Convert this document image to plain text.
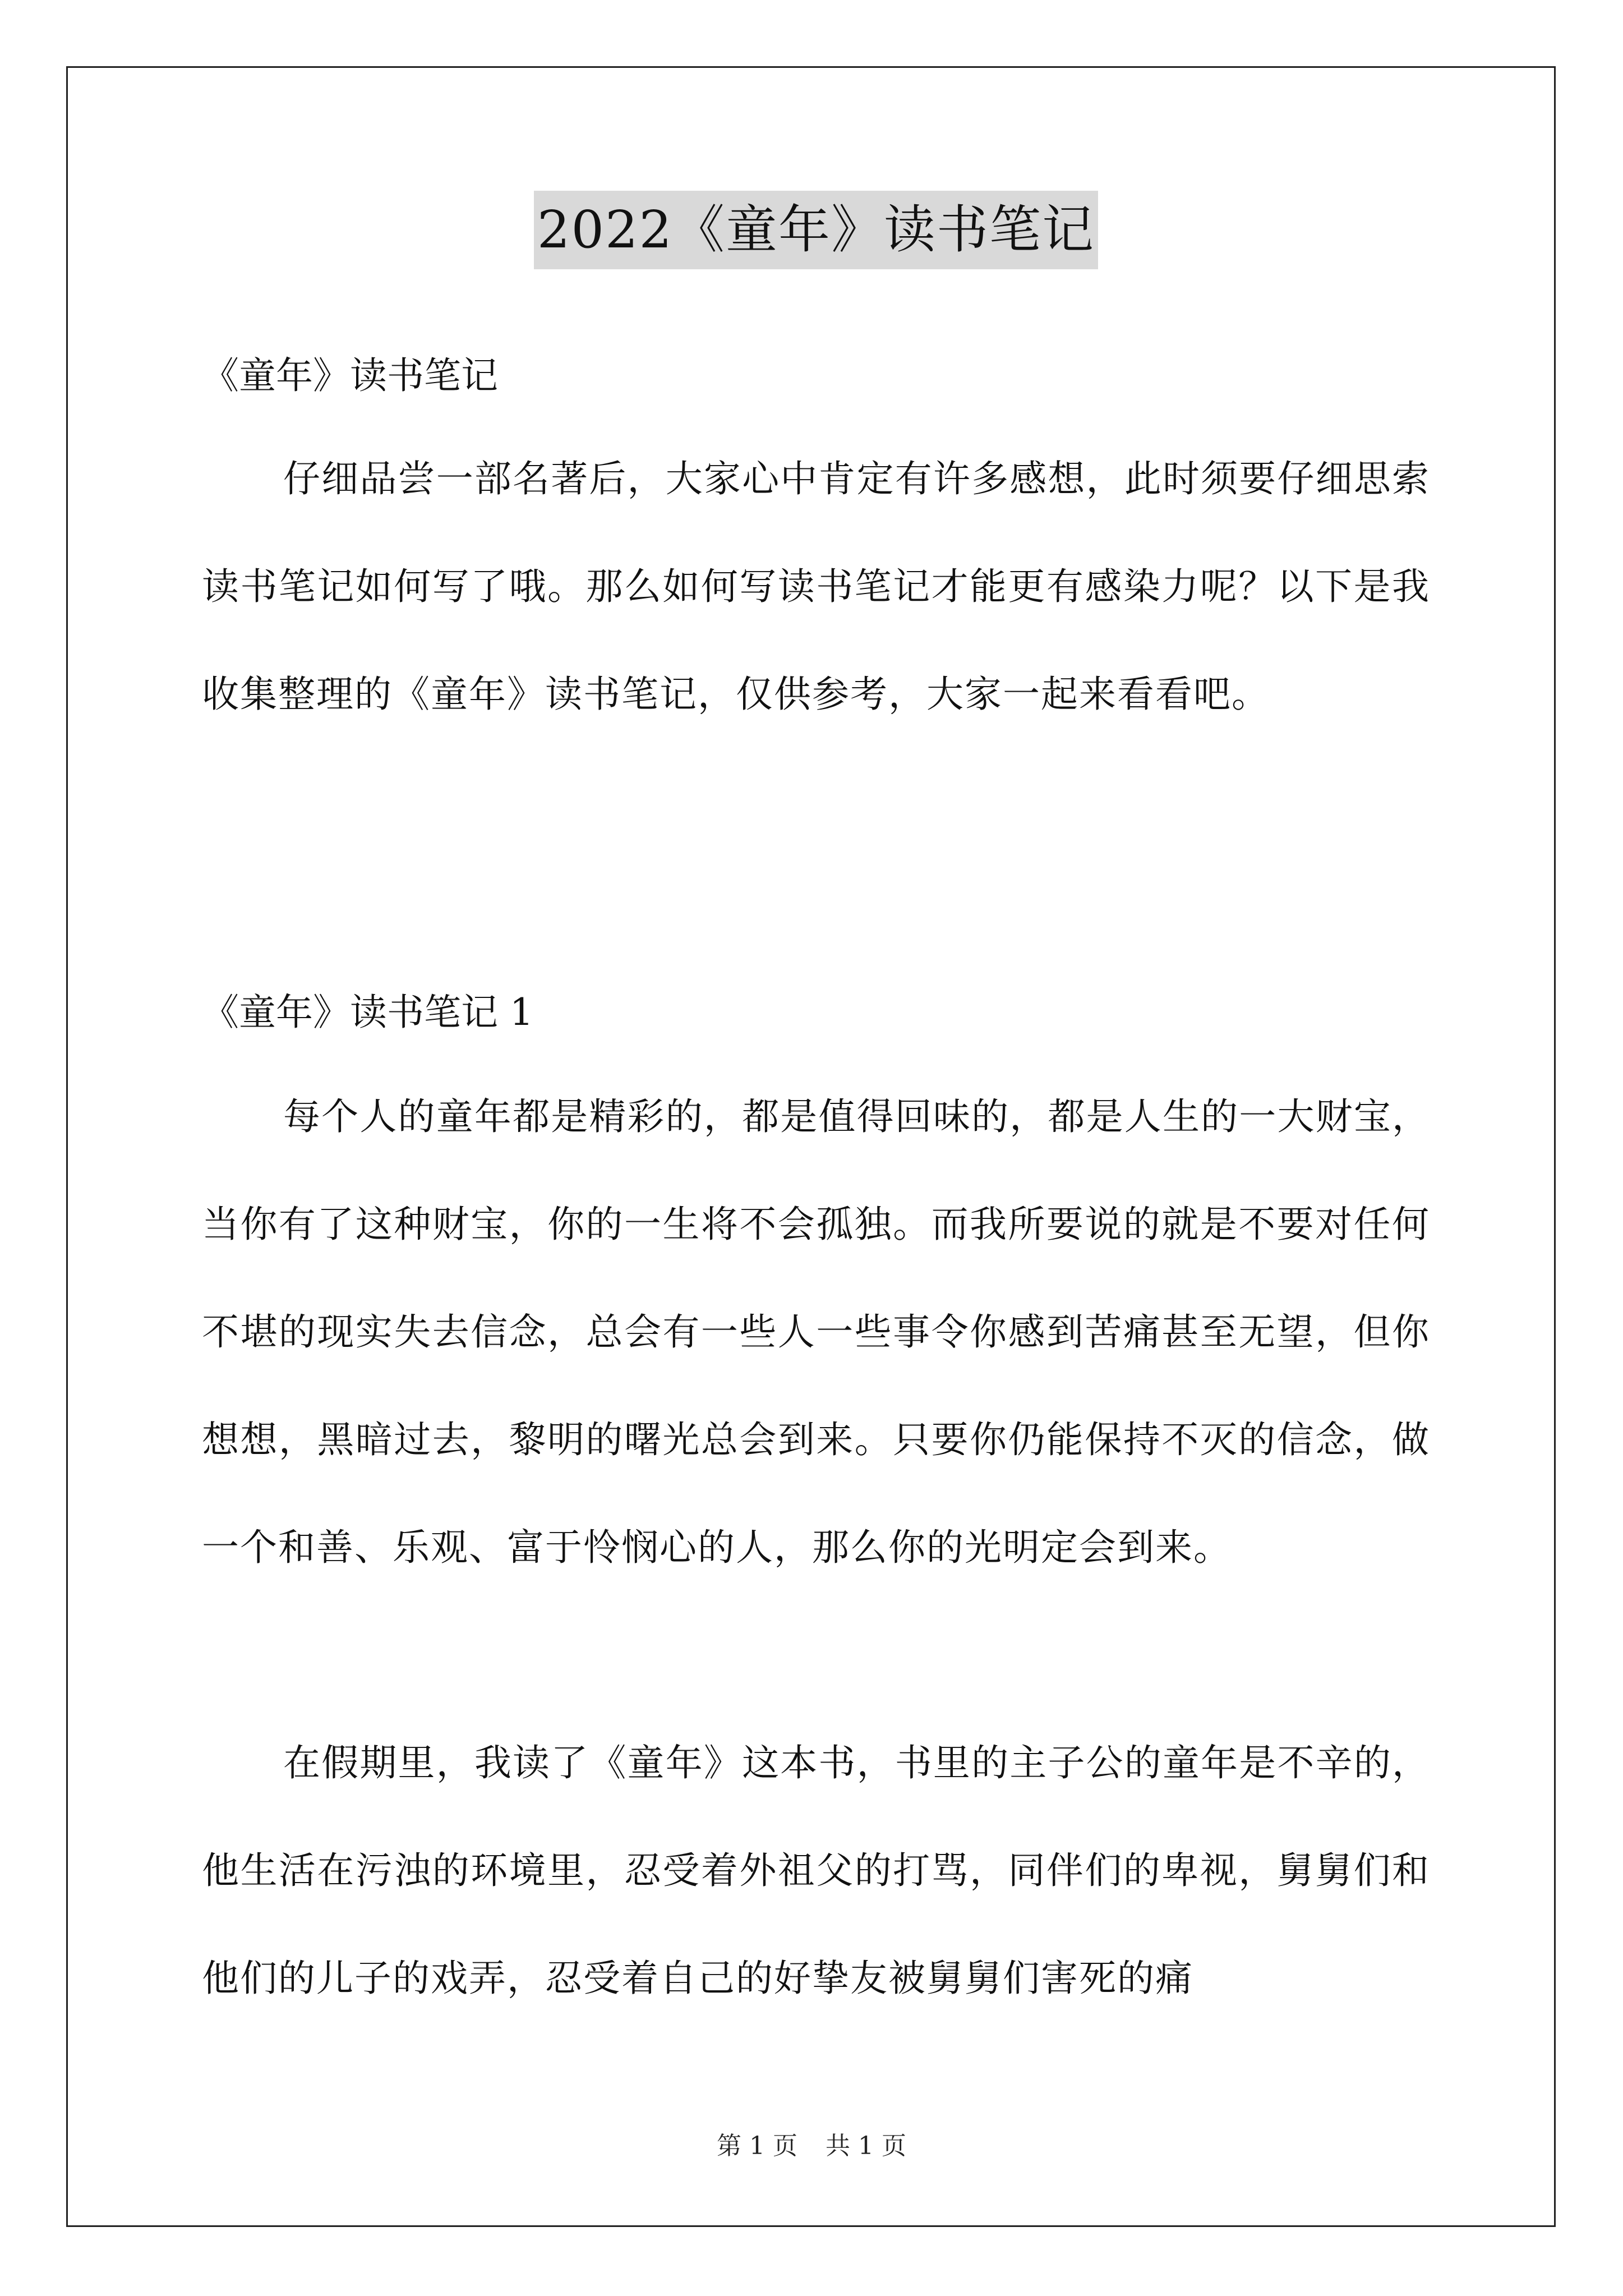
2022《童年》读书笔记

《童年》读书笔记

仔细品尝一部名著后，大家心中肯定有许多感想，此时须要仔细思索读书笔记如何写了哦。那么如何写读书笔记才能更有感染力呢？以下是我收集整理的《童年》读书笔记，仅供参考，大家一起来看看吧。

《童年》读书笔记 1

每个人的童年都是精彩的，都是值得回味的，都是人生的一大财宝，当你有了这种财宝，你的一生将不会孤独。而我所要说的就是不要对任何不堪的现实失去信念，总会有一些人一些事令你感到苦痛甚至无望，但你想想，黑暗过去，黎明的曙光总会到来。只要你仍能保持不灭的信念，做一个和善、乐观、富于怜悯心的人，那么你的光明定会到来。

在假期里，我读了《童年》这本书，书里的主子公的童年是不辛的，他生活在污浊的环境里，忍受着外祖父的打骂，同伴们的卑视，舅舅们和他们的儿子的戏弄，忍受着自己的好挚友被舅舅们害死的痛

第 1 页 共 1 页
